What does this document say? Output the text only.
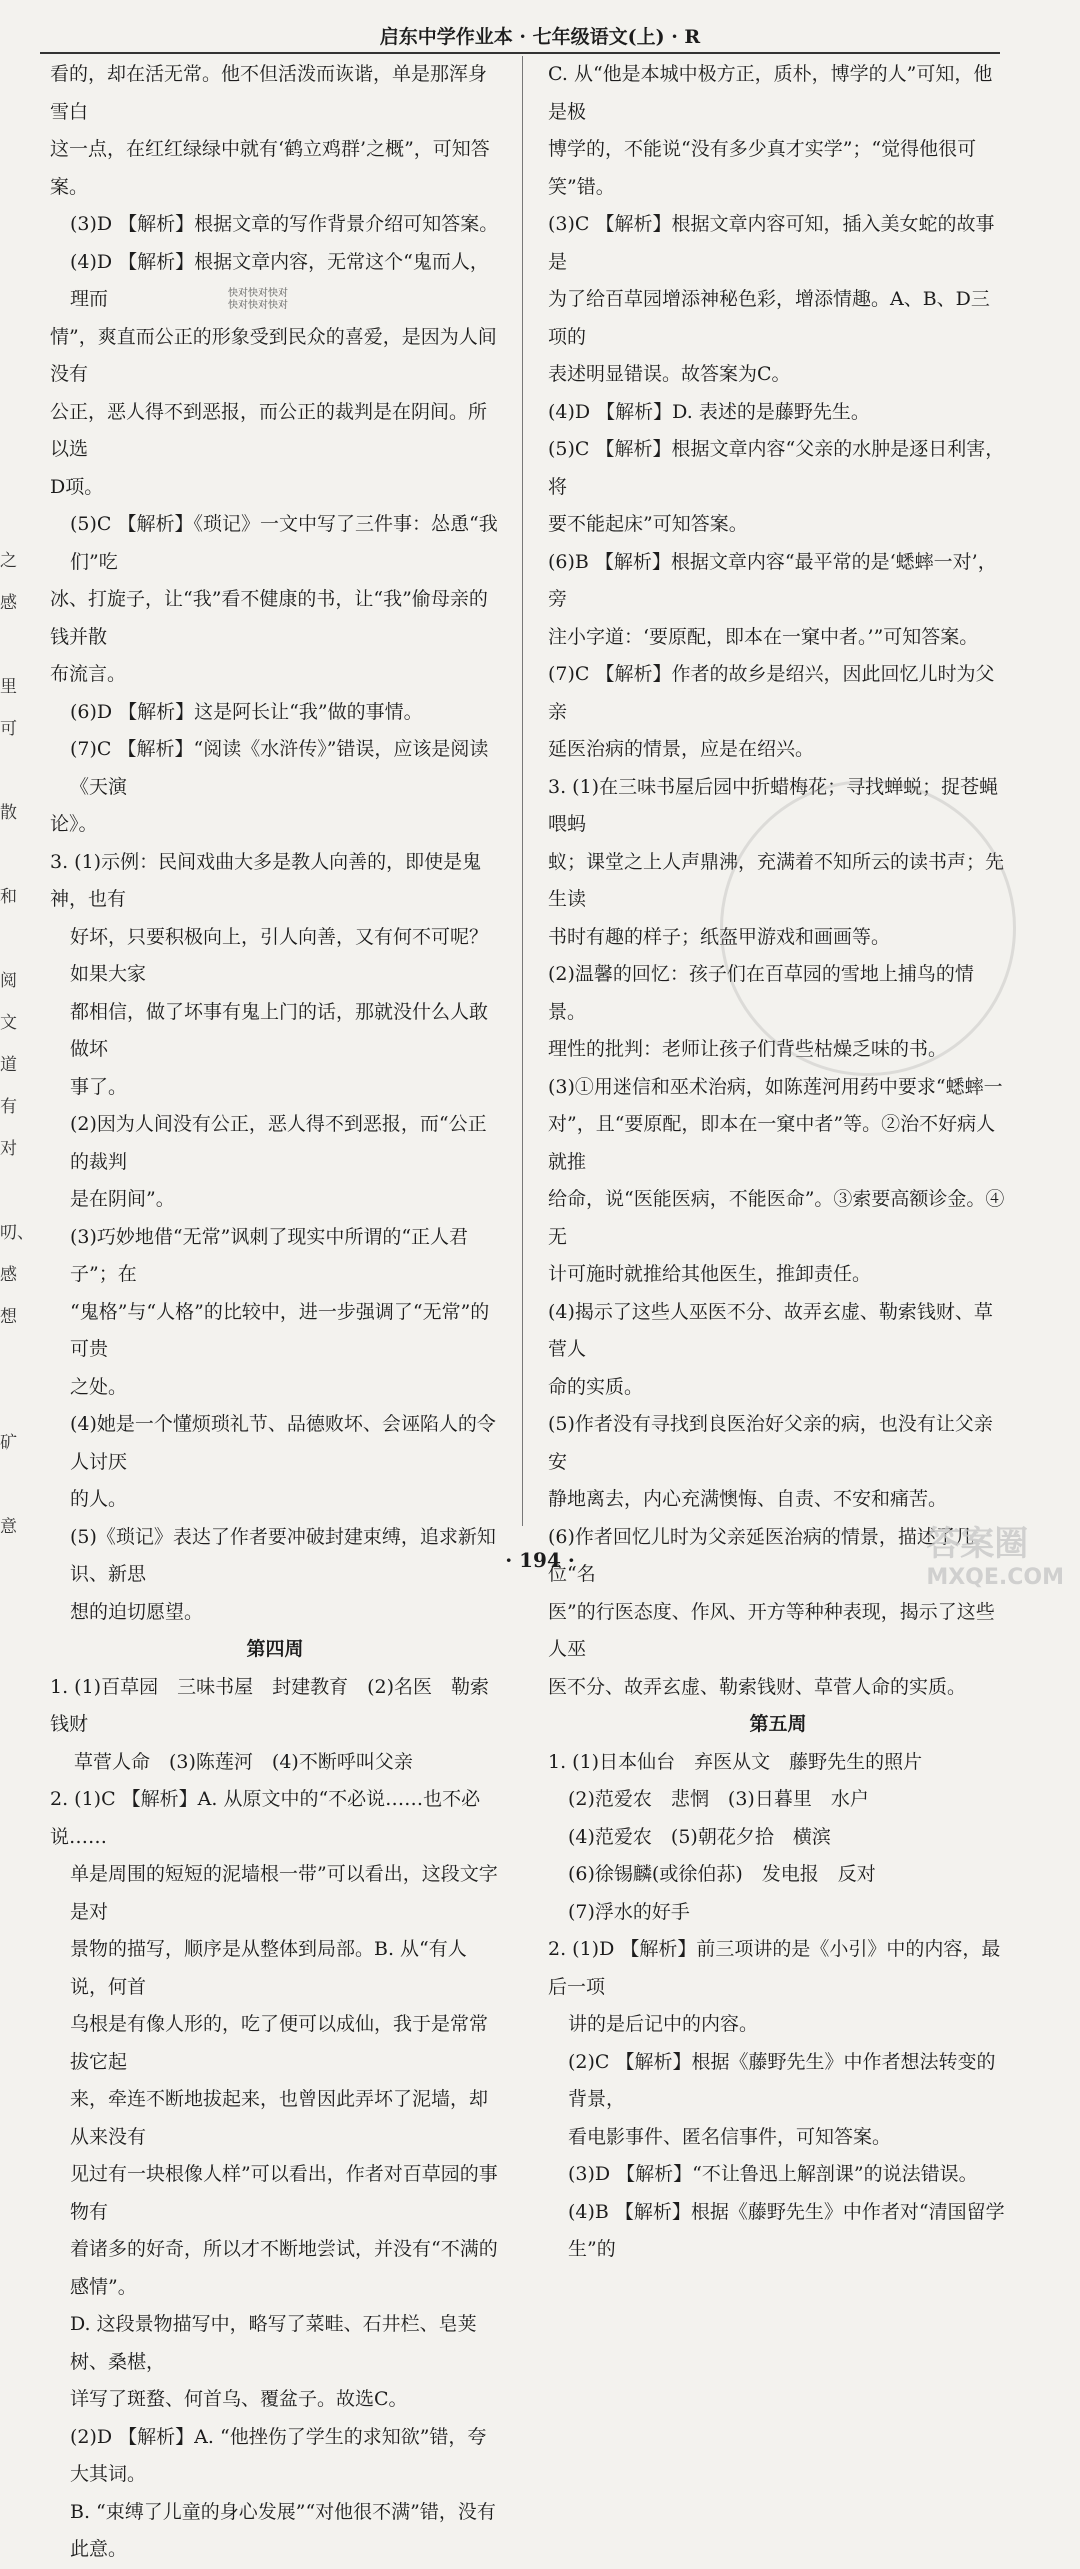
启东中学作业本 · 七年级语文(上) · R
之
感
里
可
散
和
阅
文
道
有
对
叨、
感
想
矿
意

看的，却在活无常。他不但活泼而诙谐，单是那浑身雪白

这一点，在红红绿绿中就有‘鹤立鸡群’之概”，可知答案。

(3)D 【解析】根据文章的写作背景介绍可知答案。

(4)D 【解析】根据文章内容，无常这个“鬼而人，理而

情”，爽直而公正的形象受到民众的喜爱，是因为人间没有

公正，恶人得不到恶报，而公正的裁判是在阴间。所以选

D项。

(5)C 【解析】《琐记》一文中写了三件事：怂恿“我们”吃

冰、打旋子，让“我”看不健康的书，让“我”偷母亲的钱并散

布流言。

(6)D 【解析】这是阿长让“我”做的事情。

(7)C 【解析】“阅读《水浒传》”错误，应该是阅读《天演

论》。

3. (1)示例：民间戏曲大多是教人向善的，即使是鬼神，也有

好坏，只要积极向上，引人向善，又有何不可呢？如果大家

都相信，做了坏事有鬼上门的话，那就没什么人敢做坏

事了。

(2)因为人间没有公正，恶人得不到恶报，而“公正的裁判

是在阴间”。

(3)巧妙地借“无常”讽刺了现实中所谓的“正人君子”；在

“鬼格”与“人格”的比较中，进一步强调了“无常”的可贵

之处。

(4)她是一个懂烦琐礼节、品德败坏、会诬陷人的令人讨厌

的人。

(5)《琐记》表达了作者要冲破封建束缚，追求新知识、新思

想的迫切愿望。

第四周

1. (1)百草园　三味书屋　封建教育　(2)名医　勒索钱财

草菅人命　(3)陈莲河　(4)不断呼叫父亲

2. (1)C 【解析】A. 从原文中的“不必说……也不必说……

单是周围的短短的泥墙根一带”可以看出，这段文字是对

景物的描写，顺序是从整体到局部。B. 从“有人说，何首

乌根是有像人形的，吃了便可以成仙，我于是常常拔它起

来，牵连不断地拔起来，也曾因此弄坏了泥墙，却从来没有

见过有一块根像人样”可以看出，作者对百草园的事物有

着诸多的好奇，所以才不断地尝试，并没有“不满的感情”。

D. 这段景物描写中，略写了菜畦、石井栏、皂荚树、桑椹，

详写了斑蝥、何首乌、覆盆子。故选C。

(2)D 【解析】A. “他挫伤了学生的求知欲”错，夸大其词。

B. “束缚了儿童的身心发展”“对他很不满”错，没有此意。

C. 从“他是本城中极方正，质朴，博学的人”可知，他是极

博学的，不能说“没有多少真才实学”；“觉得他很可笑”错。

(3)C 【解析】根据文章内容可知，插入美女蛇的故事是

为了给百草园增添神秘色彩，增添情趣。A、B、D三项的

表述明显错误。故答案为C。

(4)D 【解析】D. 表述的是藤野先生。

(5)C 【解析】根据文章内容“父亲的水肿是逐日利害，将

要不能起床”可知答案。

(6)B 【解析】根据文章内容“最平常的是‘蟋蟀一对’，旁

注小字道：‘要原配，即本在一窠中者。’”可知答案。

(7)C 【解析】作者的故乡是绍兴，因此回忆儿时为父亲

延医治病的情景，应是在绍兴。

3. (1)在三味书屋后园中折蜡梅花；寻找蝉蜕；捉苍蝇喂蚂

蚁；课堂之上人声鼎沸，充满着不知所云的读书声；先生读

书时有趣的样子；纸盔甲游戏和画画等。

(2)温馨的回忆：孩子们在百草园的雪地上捕鸟的情景。

理性的批判：老师让孩子们背些枯燥乏味的书。

(3)①用迷信和巫术治病，如陈莲河用药中要求“蟋蟀一

对”，且“要原配，即本在一窠中者”等。②治不好病人就推

给命，说“医能医病，不能医命”。③索要高额诊金。④无

计可施时就推给其他医生，推卸责任。

(4)揭示了这些人巫医不分、故弄玄虚、勒索钱财、草菅人

命的实质。

(5)作者没有寻找到良医治好父亲的病，也没有让父亲安

静地离去，内心充满懊悔、自责、不安和痛苦。

(6)作者回忆儿时为父亲延医治病的情景，描述了几位“名

医”的行医态度、作风、开方等种种表现，揭示了这些人巫

医不分、故弄玄虚、勒索钱财、草菅人命的实质。

第五周

1. (1)日本仙台　弃医从文　藤野先生的照片

(2)范爱农　悲惘　(3)日暮里　水户

(4)范爱农　(5)朝花夕拾　横滨

(6)徐锡麟(或徐伯荪)　发电报　反对

(7)浮水的好手

2. (1)D 【解析】前三项讲的是《小引》中的内容，最后一项

讲的是后记中的内容。

(2)C 【解析】根据《藤野先生》中作者想法转变的背景，

看电影事件、匿名信事件，可知答案。

(3)D 【解析】“不让鲁迅上解剖课”的说法错误。

(4)B 【解析】根据《藤野先生》中作者对“清国留学生”的

快对快对快对
快对快对快对
· 194 ·	答案圈
MXQE.COM
